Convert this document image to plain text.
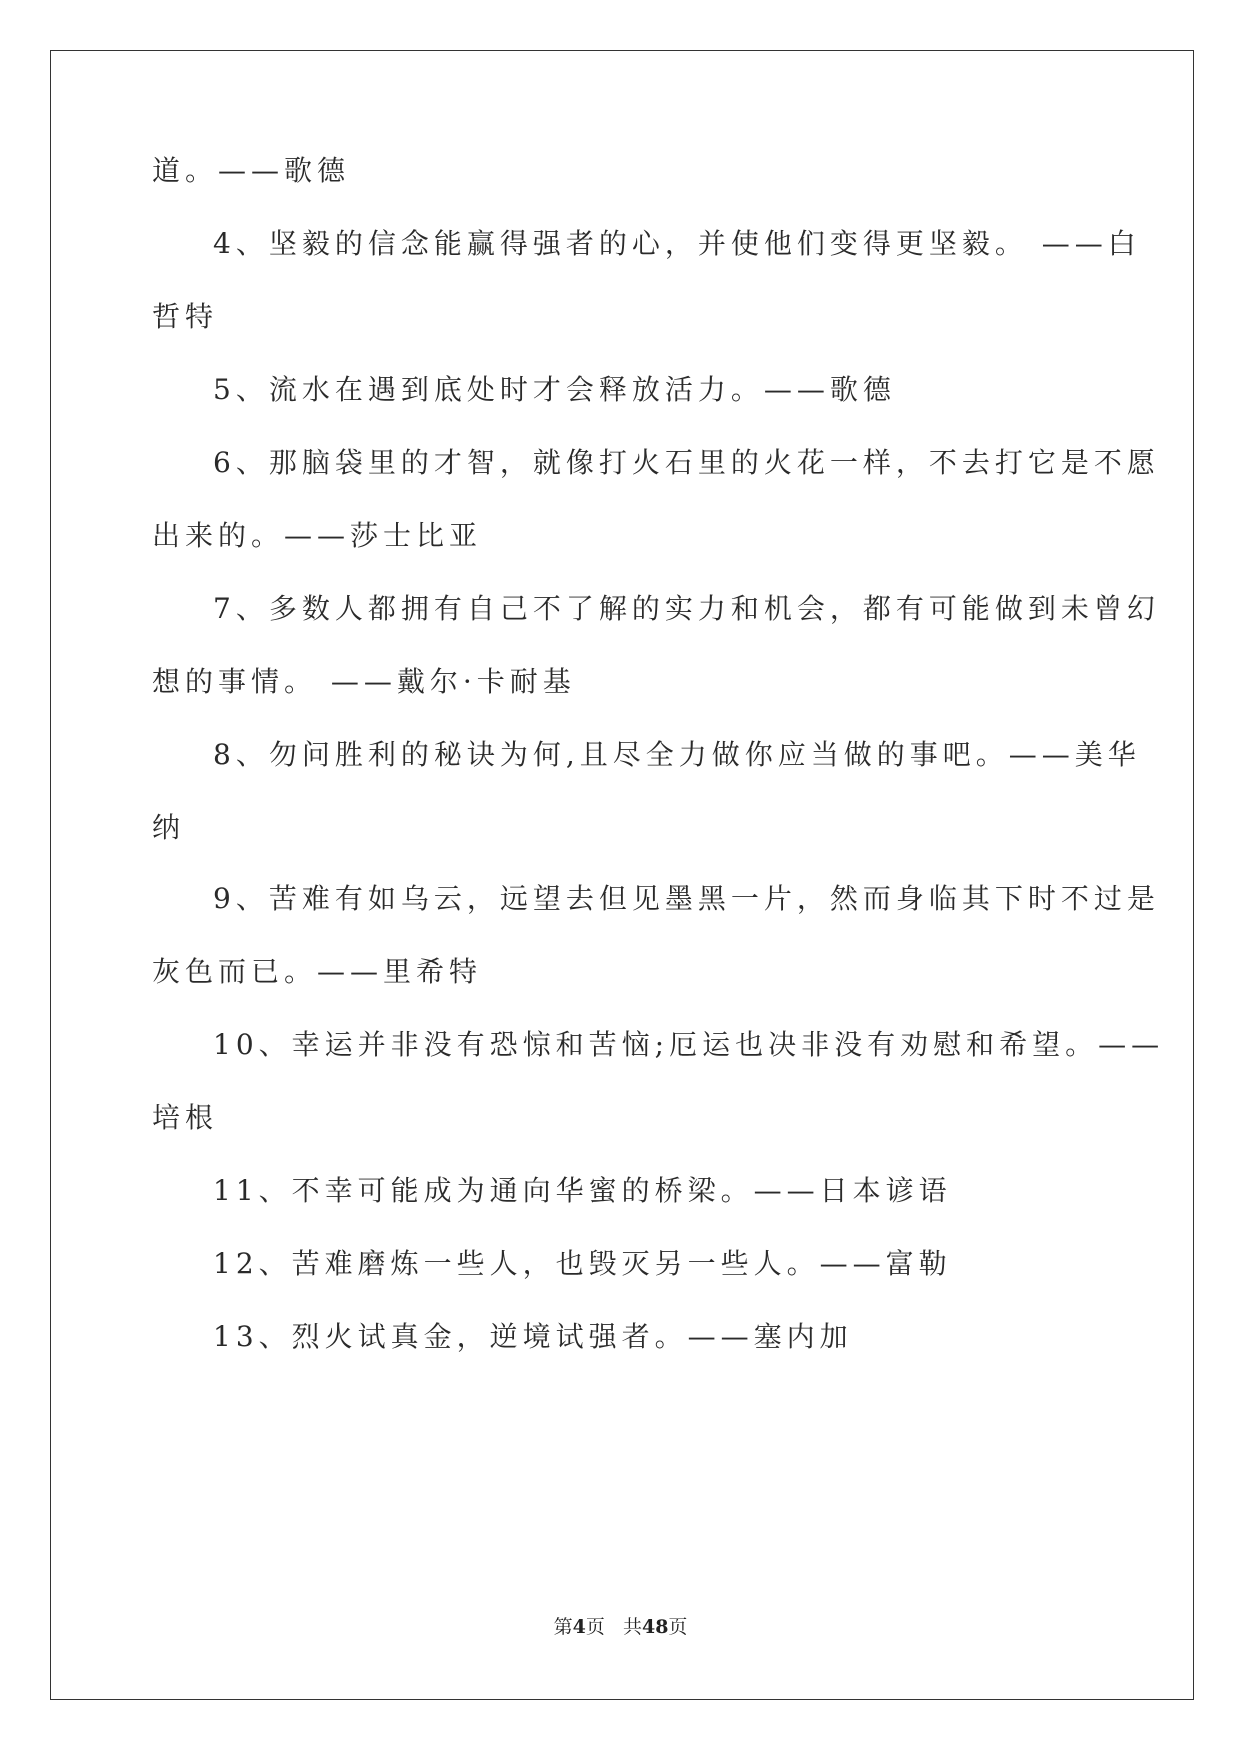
道。——歌德
4、坚毅的信念能赢得强者的心，并使他们变得更坚毅。 ——白
哲特
5、流水在遇到底处时才会释放活力。——歌德
6、那脑袋里的才智，就像打火石里的火花一样，不去打它是不愿
出来的。——莎士比亚
7、多数人都拥有自己不了解的实力和机会，都有可能做到未曾幻
想的事情。 ——戴尔·卡耐基
8、勿问胜利的秘诀为何,且尽全力做你应当做的事吧。——美华
纳
9、苦难有如乌云，远望去但见墨黑一片，然而身临其下时不过是
灰色而已。——里希特
10、幸运并非没有恐惊和苦恼;厄运也决非没有劝慰和希望。——
培根
11、不幸可能成为通向华蜜的桥梁。——日本谚语
12、苦难磨炼一些人，也毁灭另一些人。——富勒
13、烈火试真金，逆境试强者。——塞内加
第4页 共48页
